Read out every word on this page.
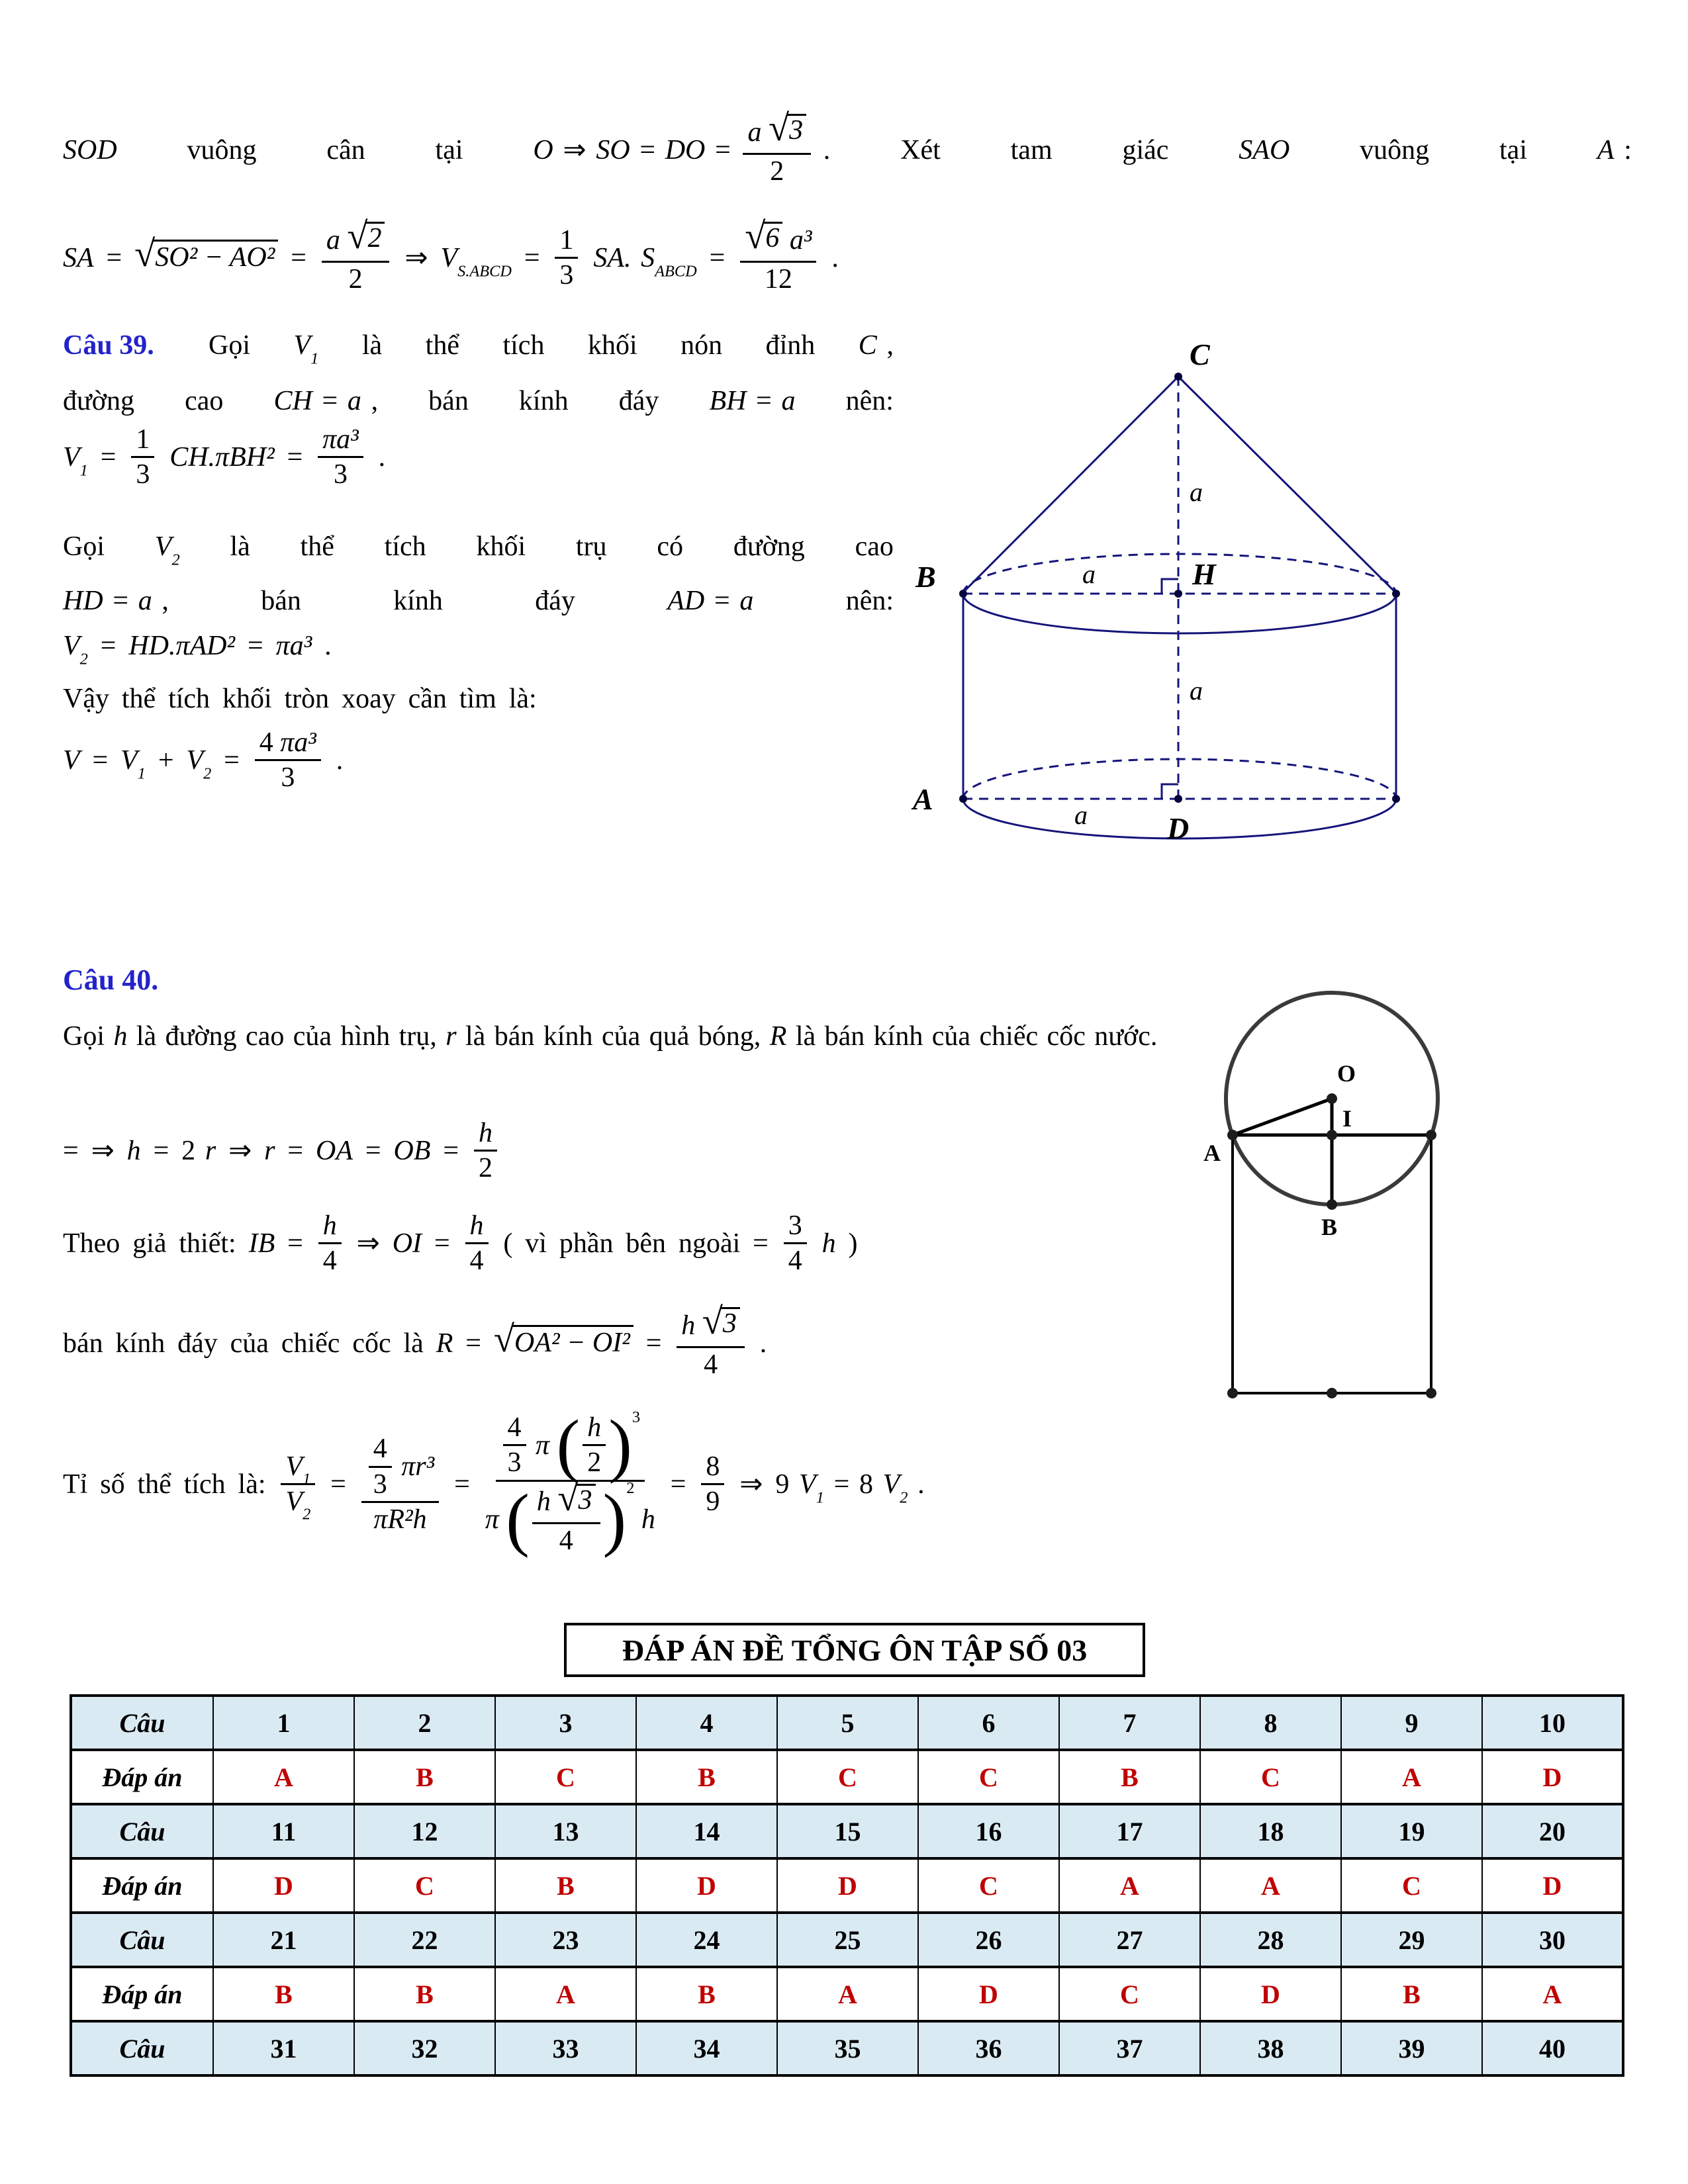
SOD	vuông	cân	tại	O ⇒ SO = DO = $\frac{a √ 3}{2}$ .	Xét	tam	giác	SAO	vuông	tại	A :
SA = √ $SO^2 - AO^2 = \frac{a √ 2}{2}$ ⇒ $V_{S.ABCD} = \frac{1}{3}$ SA. $S_{ABCD} = \frac{\text{√ 6 a³}}{12}$ .
Câu 39. Gọi $V_1$ là thể tích khối nón đỉnh C ,
đường cao CH = a , bán kính đáy BH = a nên:
$V_1 = \frac{1}{3} CH.\pi BH^2 = \frac{\text{πa³}}{3}$ .
Gọi $V_2$ là thể tích khối trụ có đường cao
HD = a ,	bán	kính	đáy	AD = a	nên:
$V_2 = HD.\pi AD^2 = \pi a^3$ .
Vậy thể tích khối tròn xoay cần tìm là:
$V = V_1 + V_2 = \frac{\text{4 πa³}}{3}$ .
C
B	H
A
D
a
a
a
a
Câu 40.
Gọi h là đường cao của hình trụ, r là bán kính của quả bóng, R là bán kính của chiếc cốc nước.
= ⇒ h = 2 r ⇒ r = OA = OB = $\frac{h}{2}$
Theo giả thiết: IB = $\frac{h}{4}$ ⇒ OI = $\frac{h}{4}$ ( vì phần bên ngoài = $\frac{3}{4}$ h )
bán kính đáy của chiếc cốc là R = √ $OA^2 - OI^2 = \frac{h √ 3}{4}$ .
Tỉ số thể tích là: $\frac{V_1}{V_2} = \frac{\frac{4}{3} \pi r^3}{\text{πR²h}} = \frac{4}{3}$ π ( $\frac{h}{2} )^3$
π ( $\frac{h √ 3}{4} )^2$
$h = \frac{8}{9}$ ⇒ 9 $V_1 = 8$ $V_2$ .
O
I
A
B
ĐÁP ÁN ĐỀ TỔNG ÔN TẬP SỐ 03
Câu	1	2	3	4	5	6	7	8	9	10
Đáp án	A	B	C	B	C	C	B	C	A	D
Câu	11	12	13	14	15	16	17	18	19	20
Đáp án	D	C	B	D	D	C	A	A	C	D
Câu	21	22	23	24	25	26	27	28	29	30
Đáp án	B	B	A	B	A	D	C	D	B	A
Câu	31	32	33	34	35	36	37	38	39	40
